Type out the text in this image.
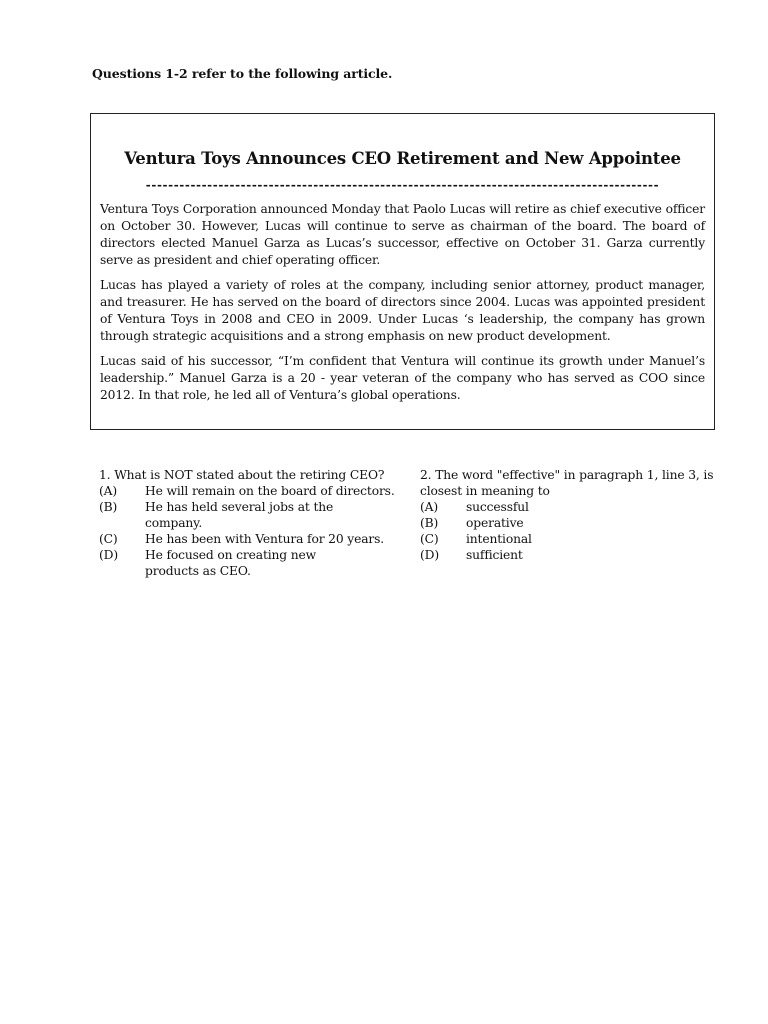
Questions 1-2 refer to the following article.
Ventura Toys Announces CEO Retirement and New Appointee
--------------------------------------------------------------------------------------------

Ventura Toys Corporation announced Monday that Paolo Lucas will retire as chief executive officer on October 30. However, Lucas will continue to serve as chairman of the board. The board of directors elected Manuel Garza as Lucas’s successor, effective on October 31. Garza currently serve as president and chief operating officer.

Lucas has played a variety of roles at the company, including senior attorney, product manager, and treasurer. He has served on the board of directors since 2004. Lucas was appointed president of Ventura Toys in 2008 and CEO in 2009. Under Lucas ‘s leadership, the company has grown through strategic acquisitions and a strong emphasis on new product development.

Lucas said of his successor, “I’m confident that Ventura will continue its growth under Manuel’s leadership.” Manuel Garza is a 20 - year veteran of the company who has served as COO since 2012. In that role, he led all of Ventura’s global operations.

1. What is NOT stated about the retiring CEO?
(A)	He will remain on the board of directors.
(B)	He has held several jobs at the company.
(C)	He has been with Ventura for 20 years.
(D)	He focused on creating new products as CEO.
2. The word "effective" in paragraph 1, line 3, is closest in meaning to
(A)	successful
(B)	operative
(C)	intentional
(D)	sufficient
